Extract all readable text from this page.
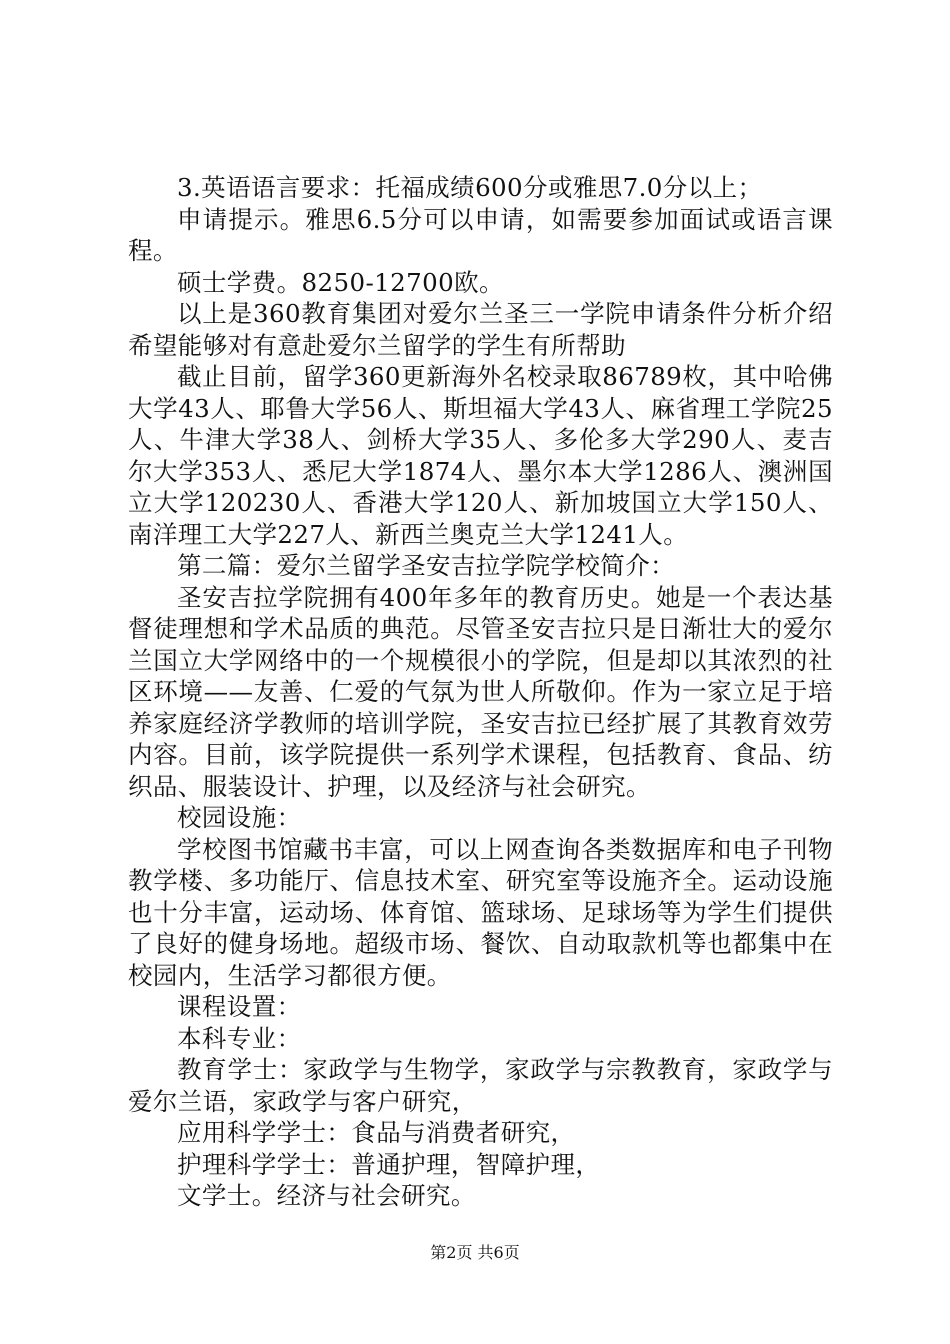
3.英语语言要求：托福成绩600分或雅思7.0分以上；

申请提示。雅思6.5分可以申请，如需要参加面试或语言课程。

硕士学费。8250-12700欧。

以上是360教育集团对爱尔兰圣三一学院申请条件分析介绍希望能够对有意赴爱尔兰留学的学生有所帮助

截止目前，留学360更新海外名校录取86789枚，其中哈佛大学43人、耶鲁大学56人、斯坦福大学43人、麻省理工学院25人、牛津大学38人、剑桥大学35人、多伦多大学290人、麦吉尔大学353人、悉尼大学1874人、墨尔本大学1286人、澳洲国立大学120230人、香港大学120人、新加坡国立大学150人、南洋理工大学227人、新西兰奥克兰大学1241人。

第二篇：爱尔兰留学圣安吉拉学院学校简介：

圣安吉拉学院拥有400年多年的教育历史。她是一个表达基督徒理想和学术品质的典范。尽管圣安吉拉只是日渐壮大的爱尔兰国立大学网络中的一个规模很小的学院，但是却以其浓烈的社区环境——友善、仁爱的气氛为世人所敬仰。作为一家立足于培养家庭经济学教师的培训学院，圣安吉拉已经扩展了其教育效劳内容。目前，该学院提供一系列学术课程，包括教育、食品、纺织品、服装设计、护理，以及经济与社会研究。

校园设施：

学校图书馆藏书丰富，可以上网查询各类数据库和电子刊物教学楼、多功能厅、信息技术室、研究室等设施齐全。运动设施也十分丰富，运动场、体育馆、篮球场、足球场等为学生们提供了良好的健身场地。超级市场、餐饮、自动取款机等也都集中在校园内，生活学习都很方便。

课程设置：

本科专业：

教育学士：家政学与生物学，家政学与宗教教育，家政学与爱尔兰语，家政学与客户研究，

应用科学学士：食品与消费者研究，

护理科学学士：普通护理，智障护理，

文学士。经济与社会研究。

第2页 共6页
